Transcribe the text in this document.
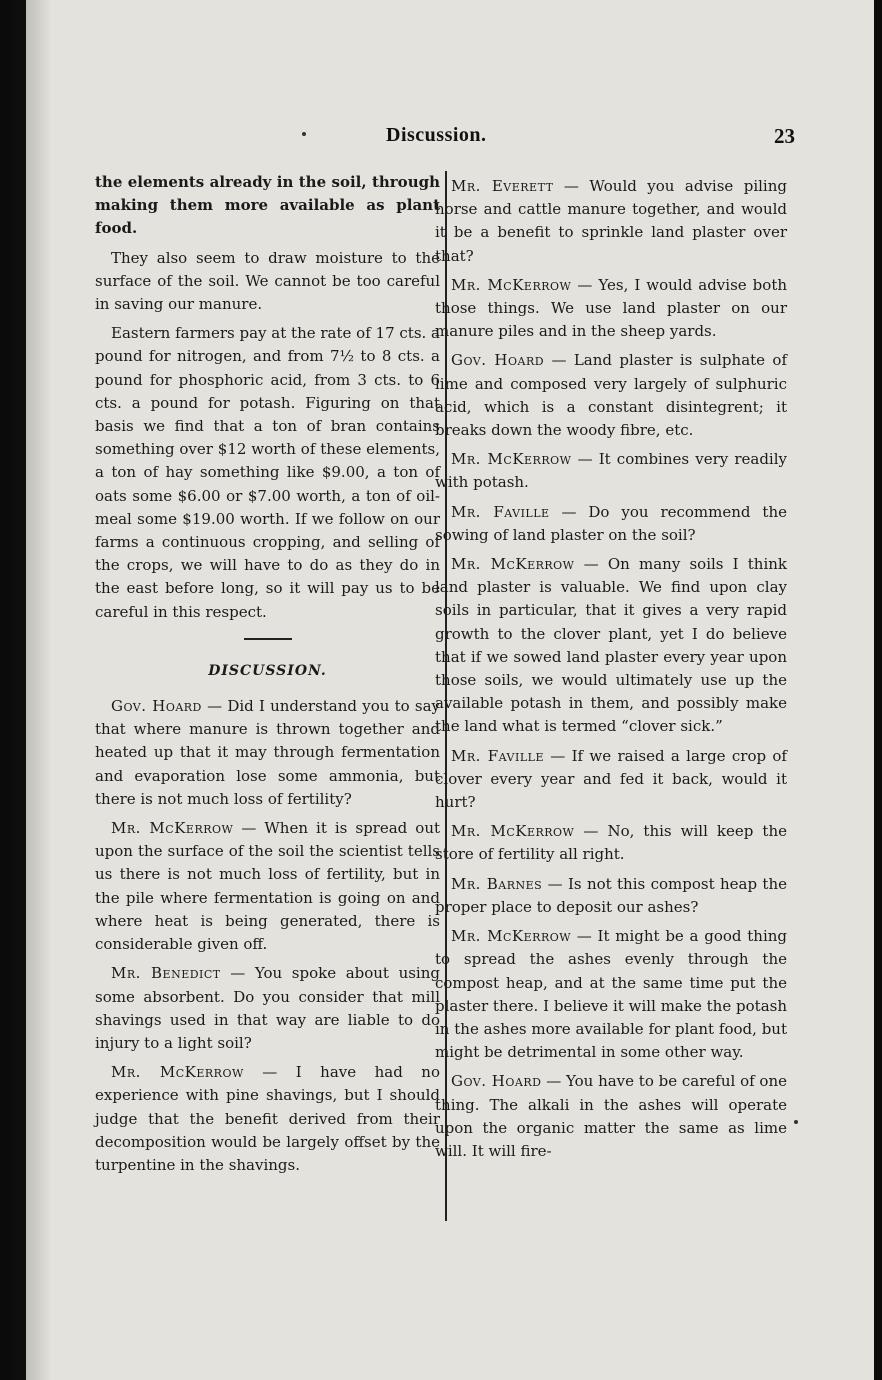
Discussion.	23

the elements already in the soil, through making them more available as plant food.

They also seem to draw moisture to the surface of the soil. We cannot be too careful in saving our manure.

Eastern farmers pay at the rate of 17 cts. a pound for nitrogen, and from 7½ to 8 cts. a pound for phosphoric acid, from 3 cts. to 6 cts. a pound for potash. Figuring on that basis we find that a ton of bran contains something over $12 worth of these elements, a ton of hay something like $9.00, a ton of oats some $6.00 or $7.00 worth, a ton of oil-meal some $19.00 worth. If we follow on our farms a continuous cropping, and selling of the crops, we will have to do as they do in the east before long, so it will pay us to be careful in this respect.

DISCUSSION.

Gov. Hoard — Did I understand you to say that where manure is thrown together and heated up that it may through fermentation and evaporation lose some ammonia, but there is not much loss of fertility?

Mr. McKerrow — When it is spread out upon the surface of the soil the scientist tells us there is not much loss of fertility, but in the pile where fermentation is going on and where heat is being generated, there is considerable given off.

Mr. Benedict — You spoke about using some absorbent. Do you consider that mill shavings used in that way are liable to do injury to a light soil?

Mr. McKerrow — I have had no experience with pine shavings, but I should judge that the benefit derived from their decomposition would be largely offset by the turpentine in the shavings.

Mr. Everett — Would you advise piling horse and cattle manure together, and would it be a benefit to sprinkle land plaster over that?

Mr. McKerrow — Yes, I would advise both those things. We use land plaster on our manure piles and in the sheep yards.

Gov. Hoard — Land plaster is sulphate of lime and composed very largely of sulphuric acid, which is a constant disintegrent; it breaks down the woody fibre, etc.

Mr. McKerrow — It combines very readily with potash.

Mr. Faville — Do you recommend the sowing of land plaster on the soil?

Mr. McKerrow — On many soils I think land plaster is valuable. We find upon clay soils in particular, that it gives a very rapid growth to the clover plant, yet I do believe that if we sowed land plaster every year upon those soils, we would ultimately use up the available potash in them, and possibly make the land what is termed “clover sick.”

Mr. Faville — If we raised a large crop of clover every year and fed it back, would it hurt?

Mr. McKerrow — No, this will keep the store of fertility all right.

Mr. Barnes — Is not this compost heap the proper place to deposit our ashes?

Mr. McKerrow — It might be a good thing to spread the ashes evenly through the compost heap, and at the same time put the plaster there. I believe it will make the potash in the ashes more available for plant food, but might be detrimental in some other way.

Gov. Hoard — You have to be careful of one thing. The alkali in the ashes will operate upon the organic matter the same as lime will. It will fire-
